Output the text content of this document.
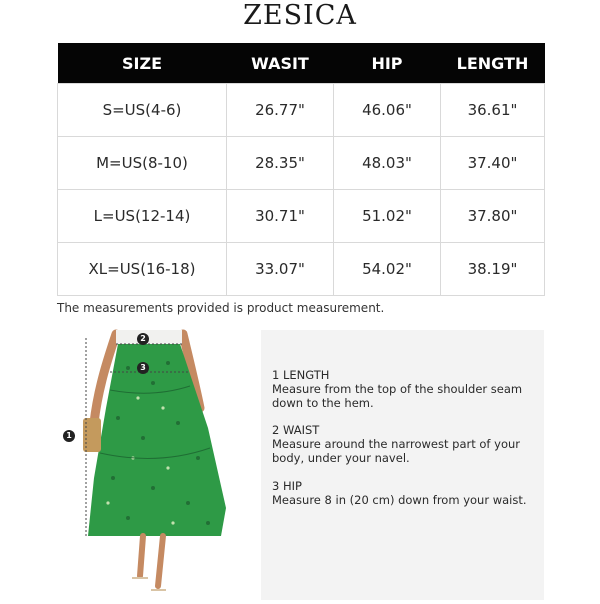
ZESICA
SIZE	WASIT	HIP	LENGTH
S=US(4-6)	26.77"	46.06"	36.61"
M=US(8-10)	28.35"	48.03"	37.40"
L=US(12-14)	30.71"	51.02"	37.80"
XL=US(16-18)	33.07"	54.02"	38.19"
The measurements provided is product measurement.
1
2
3
1 LENGTH
Measure from the top of the shoulder seam down to the hem.
2 WAIST
Measure around the narrowest part of your body, under your navel.
3 HIP
Measure 8 in (20 cm) down from your waist.
